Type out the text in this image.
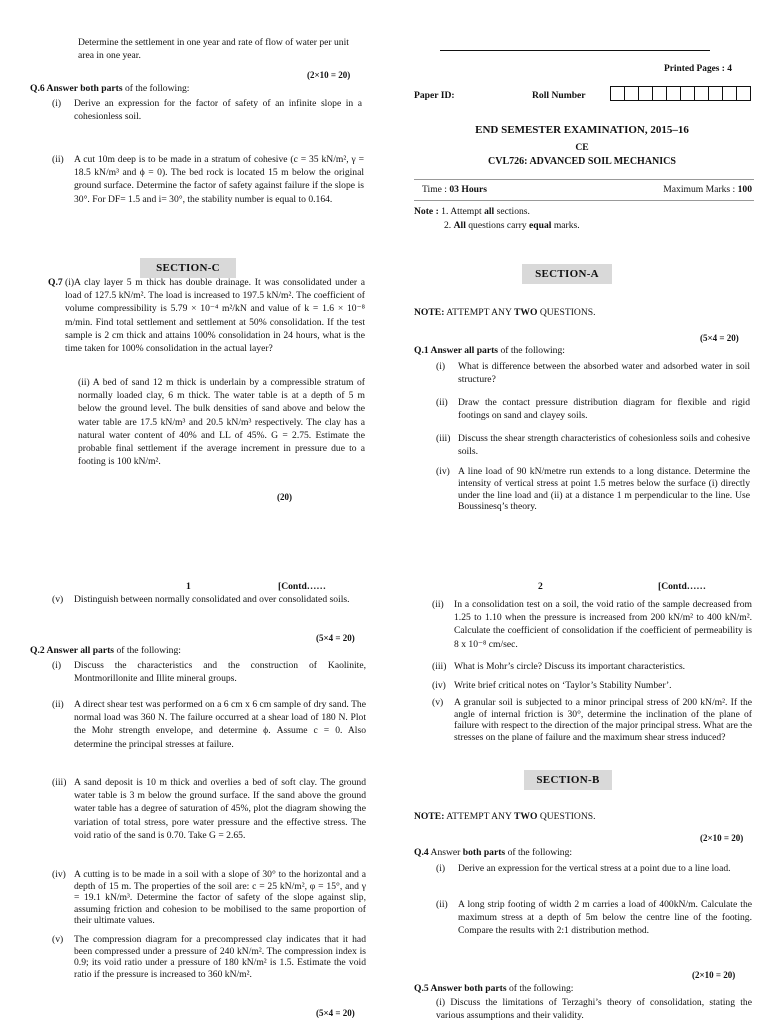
Determine the settlement in one year and rate of flow of water per unit area in one year.
(2×10 = 20)
Q.6 Answer both parts of the following:
(i)	Derive an expression for the factor of safety of an infinite slope in a cohesionless soil.
(ii)	A cut 10m deep is to be made in a stratum of cohesive (c = 35 kN/m², γ = 18.5 kN/m³ and ϕ = 0). The bed rock is located 15 m below the original ground surface. Determine the factor of safety against failure if the slope is 30°. For DF= 1.5 and i= 30°, the stability number is equal to 0.164.
SECTION-C
Q.7 (i)A clay layer 5 m thick has double drainage. It was consolidated under a load of 127.5 kN/m². The load is increased to 197.5 kN/m². The coefficient of volume compressibility is 5.79 × 10⁻⁴ m²/kN and value of k = 1.6 × 10⁻⁸ m/min. Find total settlement and settlement at 50% consolidation. If the test sample is 2 cm thick and attains 100% consolidation in 24 hours, what is the time taken for 100% consolidation in the actual layer?
(ii) A bed of sand 12 m thick is underlain by a compressible stratum of normally loaded clay, 6 m thick. The water table is at a depth of 5 m below the ground level. The bulk densities of sand above and below the water table are 17.5 kN/m³ and 20.5 kN/m³ respectively. The clay has a natural water content of 40% and LL of 45%. G = 2.75. Estimate the probable final settlement if the average increment in pressure due to a footing is 100 kN/m².
(20)
Printed Pages : 4
Paper ID:	Roll Number
END SEMESTER EXAMINATION, 2015–16
CE
CVL726: ADVANCED SOIL MECHANICS
Time : 03 Hours	Maximum Marks : 100
Note : 1. Attempt all sections.
2. All questions carry equal marks.
SECTION-A
NOTE: ATTEMPT ANY TWO QUESTIONS.
(5×4 = 20)
Q.1 Answer all parts of the following:
(i)	What is difference between the absorbed water and adsorbed water in soil structure?
(ii)	Draw the contact pressure distribution diagram for flexible and rigid footings on sand and clayey soils.
(iii) Discuss the shear strength characteristics of cohesionless soils and cohesive soils.
(iv) A line load of 90 kN/metre run extends to a long distance. Determine the intensity of vertical stress at point 1.5 metres below the surface (i) directly under the line load and (ii) at a distance 1 m perpendicular to the line. Use Boussinesq’s theory.
1	[Contd……
(v)	Distinguish between normally consolidated and over consolidated soils.
(5×4 = 20)
Q.2 Answer all parts of the following:
(i)	Discuss the characteristics and the construction of Kaolinite, Montmorillonite and Illite mineral groups.
(ii)	A direct shear test was performed on a 6 cm x 6 cm sample of dry sand. The normal load was 360 N. The failure occurred at a shear load of 180 N. Plot the Mohr strength envelope, and determine ϕ. Assume c = 0. Also determine the principal stresses at failure.
(iii) A sand deposit is 10 m thick and overlies a bed of soft clay. The ground water table is 3 m below the ground surface. If the sand above the ground water table has a degree of saturation of 45%, plot the diagram showing the variation of total stress, pore water pressure and the effective stress. The void ratio of the sand is 0.70. Take G = 2.65.
(iv) A cutting is to be made in a soil with a slope of 30° to the horizontal and a depth of 15 m. The properties of the soil are: c = 25 kN/m², φ = 15°, and γ = 19.1 kN/m³. Determine the factor of safety of the slope against slip, assuming friction and cohesion to be mobilised to the same proportion of their ultimate values.
(v)	The compression diagram for a precompressed clay indicates that it had been compressed under a pressure of 240 kN/m². The compression index is 0.9; its void ratio under a pressure of 180 kN/m² is 1.5. Estimate the void ratio if the pressure is increased to 360 kN/m².
(5×4 = 20)
2	[Contd……
(ii)	In a consolidation test on a soil, the void ratio of the sample decreased from 1.25 to 1.10 when the pressure is increased from 200 kN/m² to 400 kN/m². Calculate the coefficient of consolidation if the coefficient of permeability is 8 x 10⁻⁸ cm/sec.
(iii) What is Mohr’s circle? Discuss its important characteristics.
(iv) Write brief critical notes on ‘Taylor’s Stability Number’.
(v)	A granular soil is subjected to a minor principal stress of 200 kN/m². If the angle of internal friction is 30°, determine the inclination of the plane of failure with respect to the direction of the major principal stress. What are the stresses on the plane of failure and the maximum shear stress induced?
SECTION-B
NOTE: ATTEMPT ANY TWO QUESTIONS.
(2×10 = 20)
Q.4 Answer both parts of the following:
(i)	Derive an expression for the vertical stress at a point due to a line load.
(ii)	A long strip footing of width 2 m carries a load of 400kN/m. Calculate the maximum stress at a depth of 5m below the centre line of the footing. Compare the results with 2:1 distribution method.
(2×10 = 20)
Q.5 Answer both parts of the following:
(i) Discuss the limitations of Terzaghi’s theory of consolidation, stating the various assumptions and their validity.
